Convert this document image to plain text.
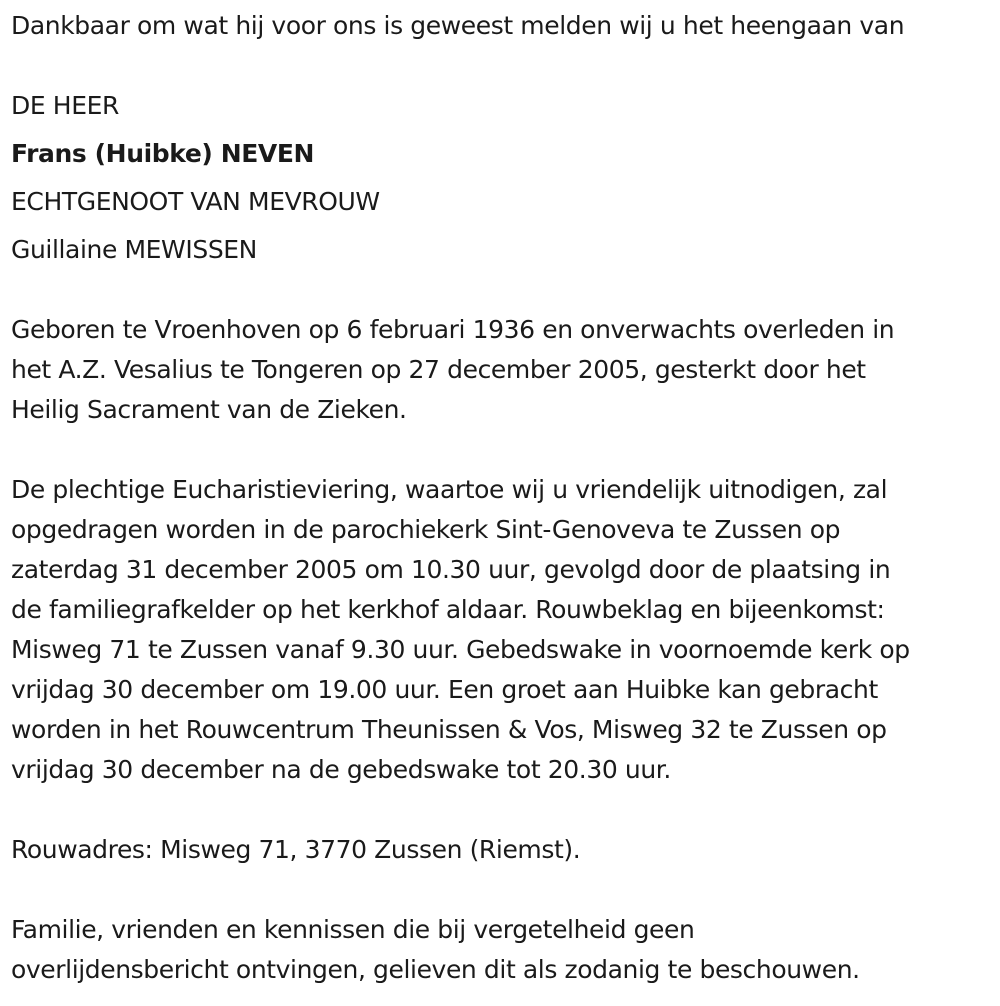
Dankbaar om wat hij voor ons is geweest melden wij u het heengaan van
DE HEER
Frans (Huibke) NEVEN
ECHTGENOOT VAN MEVROUW
Guillaine MEWISSEN
Geboren te Vroenhoven op 6 februari 1936 en onverwachts overleden in
het A.Z. Vesalius te Tongeren op 27 december 2005, gesterkt door het
Heilig Sacrament van de Zieken.
De plechtige Eucharistieviering, waartoe wij u vriendelijk uitnodigen, zal
opgedragen worden in de parochiekerk Sint-Genoveva te Zussen op
zaterdag 31 december 2005 om 10.30 uur, gevolgd door de plaatsing in
de familiegrafkelder op het kerkhof aldaar. Rouwbeklag en bijeenkomst:
Misweg 71 te Zussen vanaf 9.30 uur. Gebedswake in voornoemde kerk op
vrijdag 30 december om 19.00 uur. Een groet aan Huibke kan gebracht
worden in het Rouwcentrum Theunissen & Vos, Misweg 32 te Zussen op
vrijdag 30 december na de gebedswake tot 20.30 uur.
Rouwadres: Misweg 71, 3770 Zussen (Riemst).
Familie, vrienden en kennissen die bij vergetelheid geen
overlijdensbericht ontvingen, gelieven dit als zodanig te beschouwen.
